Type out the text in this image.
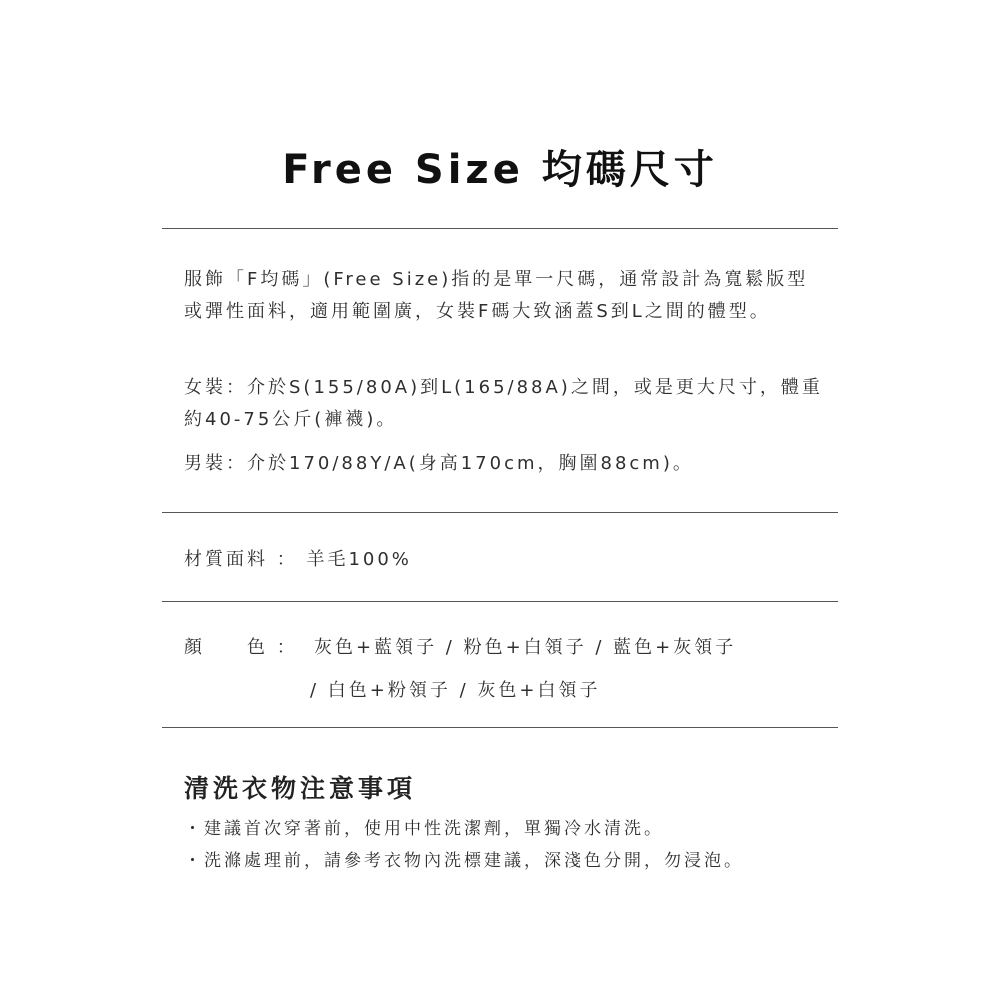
Free Size 均碼尺寸
服飾「F均碼」(Free Size)指的是單一尺碼，通常設計為寬鬆版型或彈性面料，適用範圍廣，女裝F碼大致涵蓋S到L之間的體型。
女裝：介於S(155/80A)到L(165/88A)之間，或是更大尺寸，體重約40-75公斤(褲襪)。
男裝：介於170/88Y/A(身高170cm，胸圍88cm)。
材質面料 ： 羊毛100%
顏　　色 ： 灰色+藍領子 / 粉色+白領子 / 藍色+灰領子
/ 白色+粉領子 / 灰色+白領子
清洗衣物注意事項
・建議首次穿著前，使用中性洗潔劑，單獨冷水清洗。
・洗滌處理前，請參考衣物內洗標建議，深淺色分開，勿浸泡。
